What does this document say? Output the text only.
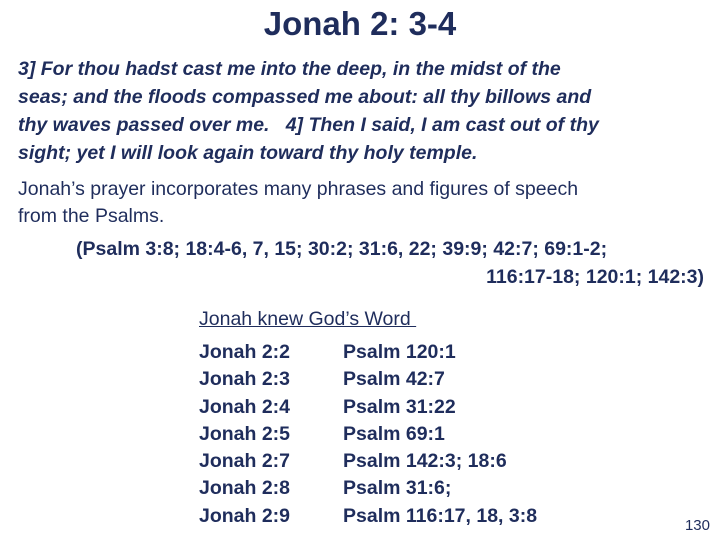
Jonah 2: 3-4
3] For thou hadst cast me into the deep, in the midst of the
seas; and the floods compassed me about: all thy billows and
thy waves passed over me.   4] Then I said, I am cast out of thy
sight; yet I will look again toward thy holy temple.
Jonah’s prayer incorporates many phrases and figures of speech
from the Psalms.
(Psalm 3:8; 18:4-6, 7, 15; 30:2; 31:6, 22; 39:9; 42:7; 69:1-2;
116:17-18; 120:1; 142:3)
Jonah knew God’s Word
Jonah 2:2	Psalm 120:1
Jonah 2:3	Psalm 42:7
Jonah 2:4	Psalm 31:22
Jonah 2:5	Psalm 69:1
Jonah 2:7	Psalm 142:3; 18:6
Jonah 2:8	Psalm 31:6;
Jonah 2:9	Psalm 116:17, 18, 3:8	130
